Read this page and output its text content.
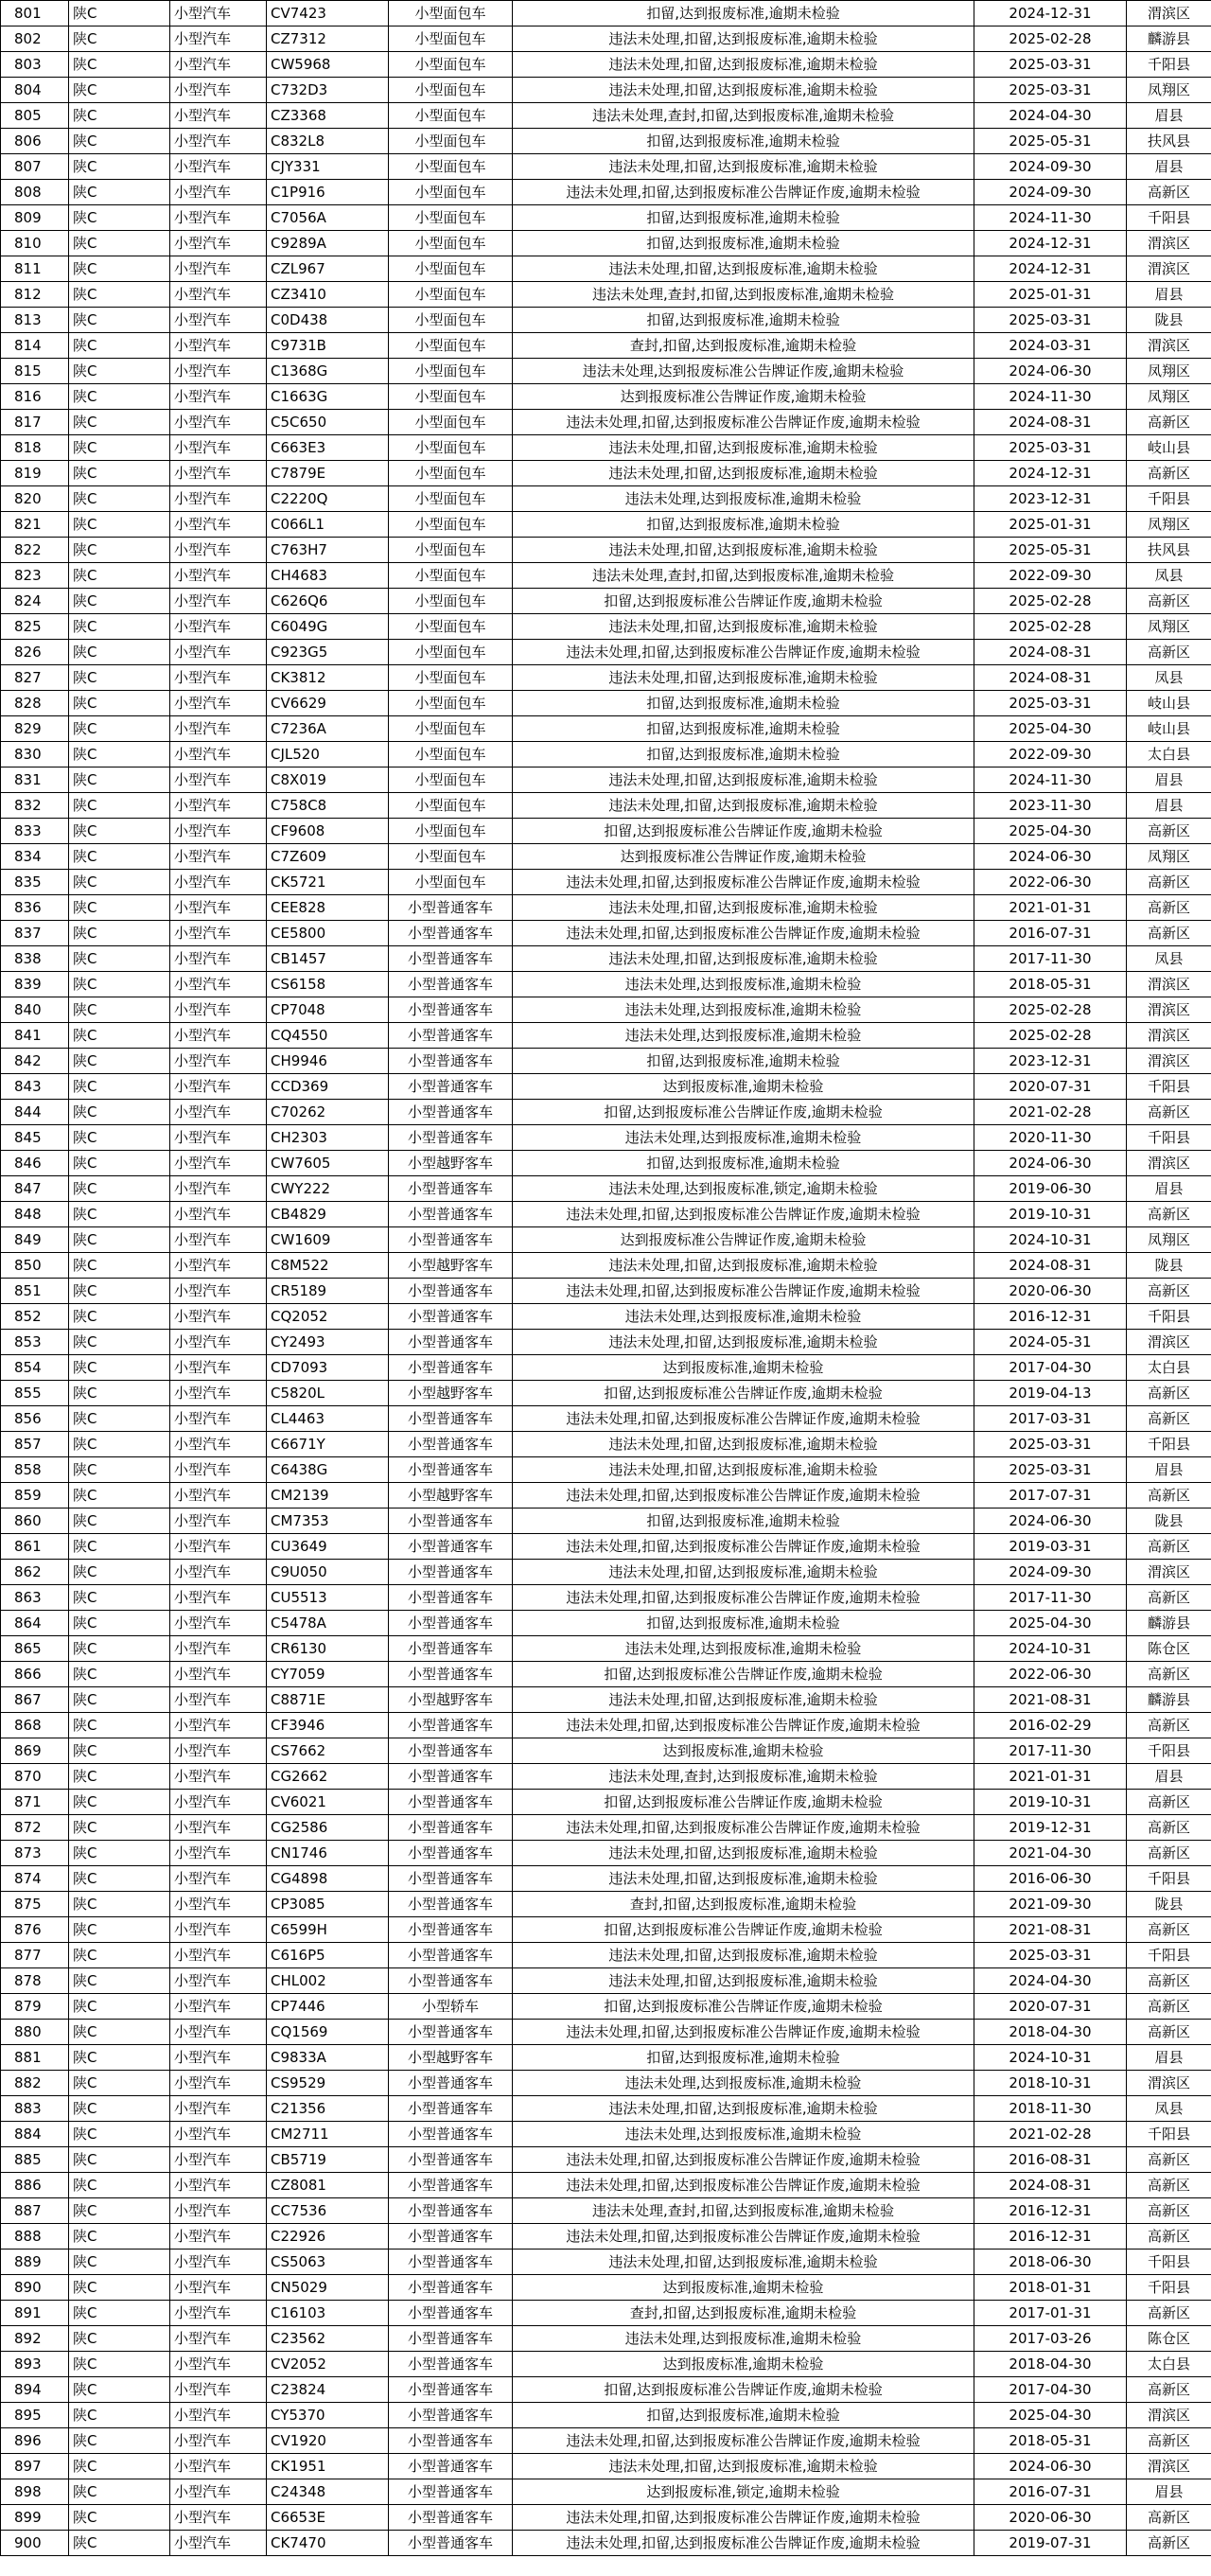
801	陕C	小型汽车	CV7423	小型面包车	扣留,达到报废标准,逾期未检验	2024-12-31	渭滨区
802	陕C	小型汽车	CZ7312	小型面包车	违法未处理,扣留,达到报废标准,逾期未检验	2025-02-28	麟游县
803	陕C	小型汽车	CW5968	小型面包车	违法未处理,扣留,达到报废标准,逾期未检验	2025-03-31	千阳县
804	陕C	小型汽车	C732D3	小型面包车	违法未处理,扣留,达到报废标准,逾期未检验	2025-03-31	凤翔区
805	陕C	小型汽车	CZ3368	小型面包车	违法未处理,查封,扣留,达到报废标准,逾期未检验	2024-04-30	眉县
806	陕C	小型汽车	C832L8	小型面包车	扣留,达到报废标准,逾期未检验	2025-05-31	扶风县
807	陕C	小型汽车	CJY331	小型面包车	违法未处理,扣留,达到报废标准,逾期未检验	2024-09-30	眉县
808	陕C	小型汽车	C1P916	小型面包车	违法未处理,扣留,达到报废标准公告牌证作废,逾期未检验	2024-09-30	高新区
809	陕C	小型汽车	C7056A	小型面包车	扣留,达到报废标准,逾期未检验	2024-11-30	千阳县
810	陕C	小型汽车	C9289A	小型面包车	扣留,达到报废标准,逾期未检验	2024-12-31	渭滨区
811	陕C	小型汽车	CZL967	小型面包车	违法未处理,扣留,达到报废标准,逾期未检验	2024-12-31	渭滨区
812	陕C	小型汽车	CZ3410	小型面包车	违法未处理,查封,扣留,达到报废标准,逾期未检验	2025-01-31	眉县
813	陕C	小型汽车	C0D438	小型面包车	扣留,达到报废标准,逾期未检验	2025-03-31	陇县
814	陕C	小型汽车	C9731B	小型面包车	查封,扣留,达到报废标准,逾期未检验	2024-03-31	渭滨区
815	陕C	小型汽车	C1368G	小型面包车	违法未处理,达到报废标准公告牌证作废,逾期未检验	2024-06-30	凤翔区
816	陕C	小型汽车	C1663G	小型面包车	达到报废标准公告牌证作废,逾期未检验	2024-11-30	凤翔区
817	陕C	小型汽车	C5C650	小型面包车	违法未处理,扣留,达到报废标准公告牌证作废,逾期未检验	2024-08-31	高新区
818	陕C	小型汽车	C663E3	小型面包车	违法未处理,扣留,达到报废标准,逾期未检验	2025-03-31	岐山县
819	陕C	小型汽车	C7879E	小型面包车	违法未处理,扣留,达到报废标准,逾期未检验	2024-12-31	高新区
820	陕C	小型汽车	C2220Q	小型面包车	违法未处理,达到报废标准,逾期未检验	2023-12-31	千阳县
821	陕C	小型汽车	C066L1	小型面包车	扣留,达到报废标准,逾期未检验	2025-01-31	凤翔区
822	陕C	小型汽车	C763H7	小型面包车	违法未处理,扣留,达到报废标准,逾期未检验	2025-05-31	扶风县
823	陕C	小型汽车	CH4683	小型面包车	违法未处理,查封,扣留,达到报废标准,逾期未检验	2022-09-30	凤县
824	陕C	小型汽车	C626Q6	小型面包车	扣留,达到报废标准公告牌证作废,逾期未检验	2025-02-28	高新区
825	陕C	小型汽车	C6049G	小型面包车	违法未处理,扣留,达到报废标准,逾期未检验	2025-02-28	凤翔区
826	陕C	小型汽车	C923G5	小型面包车	违法未处理,扣留,达到报废标准公告牌证作废,逾期未检验	2024-08-31	高新区
827	陕C	小型汽车	CK3812	小型面包车	违法未处理,扣留,达到报废标准,逾期未检验	2024-08-31	凤县
828	陕C	小型汽车	CV6629	小型面包车	扣留,达到报废标准,逾期未检验	2025-03-31	岐山县
829	陕C	小型汽车	C7236A	小型面包车	扣留,达到报废标准,逾期未检验	2025-04-30	岐山县
830	陕C	小型汽车	CJL520	小型面包车	扣留,达到报废标准,逾期未检验	2022-09-30	太白县
831	陕C	小型汽车	C8X019	小型面包车	违法未处理,扣留,达到报废标准,逾期未检验	2024-11-30	眉县
832	陕C	小型汽车	C758C8	小型面包车	违法未处理,扣留,达到报废标准,逾期未检验	2023-11-30	眉县
833	陕C	小型汽车	CF9608	小型面包车	扣留,达到报废标准公告牌证作废,逾期未检验	2025-04-30	高新区
834	陕C	小型汽车	C7Z609	小型面包车	达到报废标准公告牌证作废,逾期未检验	2024-06-30	凤翔区
835	陕C	小型汽车	CK5721	小型面包车	违法未处理,扣留,达到报废标准公告牌证作废,逾期未检验	2022-06-30	高新区
836	陕C	小型汽车	CEE828	小型普通客车	违法未处理,扣留,达到报废标准,逾期未检验	2021-01-31	高新区
837	陕C	小型汽车	CE5800	小型普通客车	违法未处理,扣留,达到报废标准公告牌证作废,逾期未检验	2016-07-31	高新区
838	陕C	小型汽车	CB1457	小型普通客车	违法未处理,扣留,达到报废标准,逾期未检验	2017-11-30	凤县
839	陕C	小型汽车	CS6158	小型普通客车	违法未处理,达到报废标准,逾期未检验	2018-05-31	渭滨区
840	陕C	小型汽车	CP7048	小型普通客车	违法未处理,达到报废标准,逾期未检验	2025-02-28	渭滨区
841	陕C	小型汽车	CQ4550	小型普通客车	违法未处理,达到报废标准,逾期未检验	2025-02-28	渭滨区
842	陕C	小型汽车	CH9946	小型普通客车	扣留,达到报废标准,逾期未检验	2023-12-31	渭滨区
843	陕C	小型汽车	CCD369	小型普通客车	达到报废标准,逾期未检验	2020-07-31	千阳县
844	陕C	小型汽车	C70262	小型普通客车	扣留,达到报废标准公告牌证作废,逾期未检验	2021-02-28	高新区
845	陕C	小型汽车	CH2303	小型普通客车	违法未处理,达到报废标准,逾期未检验	2020-11-30	千阳县
846	陕C	小型汽车	CW7605	小型越野客车	扣留,达到报废标准,逾期未检验	2024-06-30	渭滨区
847	陕C	小型汽车	CWY222	小型普通客车	违法未处理,达到报废标准,锁定,逾期未检验	2019-06-30	眉县
848	陕C	小型汽车	CB4829	小型普通客车	违法未处理,扣留,达到报废标准公告牌证作废,逾期未检验	2019-10-31	高新区
849	陕C	小型汽车	CW1609	小型普通客车	达到报废标准公告牌证作废,逾期未检验	2024-10-31	凤翔区
850	陕C	小型汽车	C8M522	小型越野客车	违法未处理,扣留,达到报废标准,逾期未检验	2024-08-31	陇县
851	陕C	小型汽车	CR5189	小型普通客车	违法未处理,扣留,达到报废标准公告牌证作废,逾期未检验	2020-06-30	高新区
852	陕C	小型汽车	CQ2052	小型普通客车	违法未处理,达到报废标准,逾期未检验	2016-12-31	千阳县
853	陕C	小型汽车	CY2493	小型普通客车	违法未处理,扣留,达到报废标准,逾期未检验	2024-05-31	渭滨区
854	陕C	小型汽车	CD7093	小型普通客车	达到报废标准,逾期未检验	2017-04-30	太白县
855	陕C	小型汽车	C5820L	小型越野客车	扣留,达到报废标准公告牌证作废,逾期未检验	2019-04-13	高新区
856	陕C	小型汽车	CL4463	小型普通客车	违法未处理,扣留,达到报废标准公告牌证作废,逾期未检验	2017-03-31	高新区
857	陕C	小型汽车	C6671Y	小型普通客车	违法未处理,扣留,达到报废标准,逾期未检验	2025-03-31	千阳县
858	陕C	小型汽车	C6438G	小型普通客车	违法未处理,扣留,达到报废标准,逾期未检验	2025-03-31	眉县
859	陕C	小型汽车	CM2139	小型越野客车	违法未处理,扣留,达到报废标准公告牌证作废,逾期未检验	2017-07-31	高新区
860	陕C	小型汽车	CM7353	小型普通客车	扣留,达到报废标准,逾期未检验	2024-06-30	陇县
861	陕C	小型汽车	CU3649	小型普通客车	违法未处理,扣留,达到报废标准公告牌证作废,逾期未检验	2019-03-31	高新区
862	陕C	小型汽车	C9U050	小型普通客车	违法未处理,扣留,达到报废标准,逾期未检验	2024-09-30	渭滨区
863	陕C	小型汽车	CU5513	小型普通客车	违法未处理,扣留,达到报废标准公告牌证作废,逾期未检验	2017-11-30	高新区
864	陕C	小型汽车	C5478A	小型普通客车	扣留,达到报废标准,逾期未检验	2025-04-30	麟游县
865	陕C	小型汽车	CR6130	小型普通客车	违法未处理,达到报废标准,逾期未检验	2024-10-31	陈仓区
866	陕C	小型汽车	CY7059	小型普通客车	扣留,达到报废标准公告牌证作废,逾期未检验	2022-06-30	高新区
867	陕C	小型汽车	C8871E	小型越野客车	违法未处理,扣留,达到报废标准,逾期未检验	2021-08-31	麟游县
868	陕C	小型汽车	CF3946	小型普通客车	违法未处理,扣留,达到报废标准公告牌证作废,逾期未检验	2016-02-29	高新区
869	陕C	小型汽车	CS7662	小型普通客车	达到报废标准,逾期未检验	2017-11-30	千阳县
870	陕C	小型汽车	CG2662	小型普通客车	违法未处理,查封,达到报废标准,逾期未检验	2021-01-31	眉县
871	陕C	小型汽车	CV6021	小型普通客车	扣留,达到报废标准公告牌证作废,逾期未检验	2019-10-31	高新区
872	陕C	小型汽车	CG2586	小型普通客车	违法未处理,扣留,达到报废标准公告牌证作废,逾期未检验	2019-12-31	高新区
873	陕C	小型汽车	CN1746	小型普通客车	违法未处理,扣留,达到报废标准,逾期未检验	2021-04-30	高新区
874	陕C	小型汽车	CG4898	小型普通客车	违法未处理,扣留,达到报废标准,逾期未检验	2016-06-30	千阳县
875	陕C	小型汽车	CP3085	小型普通客车	查封,扣留,达到报废标准,逾期未检验	2021-09-30	陇县
876	陕C	小型汽车	C6599H	小型普通客车	扣留,达到报废标准公告牌证作废,逾期未检验	2021-08-31	高新区
877	陕C	小型汽车	C616P5	小型普通客车	违法未处理,扣留,达到报废标准,逾期未检验	2025-03-31	千阳县
878	陕C	小型汽车	CHL002	小型普通客车	违法未处理,扣留,达到报废标准,逾期未检验	2024-04-30	高新区
879	陕C	小型汽车	CP7446	小型轿车	扣留,达到报废标准公告牌证作废,逾期未检验	2020-07-31	高新区
880	陕C	小型汽车	CQ1569	小型普通客车	违法未处理,扣留,达到报废标准公告牌证作废,逾期未检验	2018-04-30	高新区
881	陕C	小型汽车	C9833A	小型越野客车	扣留,达到报废标准,逾期未检验	2024-10-31	眉县
882	陕C	小型汽车	CS9529	小型普通客车	违法未处理,达到报废标准,逾期未检验	2018-10-31	渭滨区
883	陕C	小型汽车	C21356	小型普通客车	违法未处理,扣留,达到报废标准,逾期未检验	2018-11-30	凤县
884	陕C	小型汽车	CM2711	小型普通客车	违法未处理,达到报废标准,逾期未检验	2021-02-28	千阳县
885	陕C	小型汽车	CB5719	小型普通客车	违法未处理,扣留,达到报废标准公告牌证作废,逾期未检验	2016-08-31	高新区
886	陕C	小型汽车	CZ8081	小型普通客车	违法未处理,扣留,达到报废标准公告牌证作废,逾期未检验	2024-08-31	高新区
887	陕C	小型汽车	CC7536	小型普通客车	违法未处理,查封,扣留,达到报废标准,逾期未检验	2016-12-31	高新区
888	陕C	小型汽车	C22926	小型普通客车	违法未处理,扣留,达到报废标准公告牌证作废,逾期未检验	2016-12-31	高新区
889	陕C	小型汽车	CS5063	小型普通客车	违法未处理,扣留,达到报废标准,逾期未检验	2018-06-30	千阳县
890	陕C	小型汽车	CN5029	小型普通客车	达到报废标准,逾期未检验	2018-01-31	千阳县
891	陕C	小型汽车	C16103	小型普通客车	查封,扣留,达到报废标准,逾期未检验	2017-01-31	高新区
892	陕C	小型汽车	C23562	小型普通客车	违法未处理,达到报废标准,逾期未检验	2017-03-26	陈仓区
893	陕C	小型汽车	CV2052	小型普通客车	达到报废标准,逾期未检验	2018-04-30	太白县
894	陕C	小型汽车	C23824	小型普通客车	扣留,达到报废标准公告牌证作废,逾期未检验	2017-04-30	高新区
895	陕C	小型汽车	CY5370	小型普通客车	扣留,达到报废标准,逾期未检验	2025-04-30	渭滨区
896	陕C	小型汽车	CV1920	小型普通客车	违法未处理,扣留,达到报废标准公告牌证作废,逾期未检验	2018-05-31	高新区
897	陕C	小型汽车	CK1951	小型普通客车	违法未处理,扣留,达到报废标准,逾期未检验	2024-06-30	渭滨区
898	陕C	小型汽车	C24348	小型普通客车	达到报废标准,锁定,逾期未检验	2016-07-31	眉县
899	陕C	小型汽车	C6653E	小型普通客车	违法未处理,扣留,达到报废标准公告牌证作废,逾期未检验	2020-06-30	高新区
900	陕C	小型汽车	CK7470	小型普通客车	违法未处理,扣留,达到报废标准公告牌证作废,逾期未检验	2019-07-31	高新区
